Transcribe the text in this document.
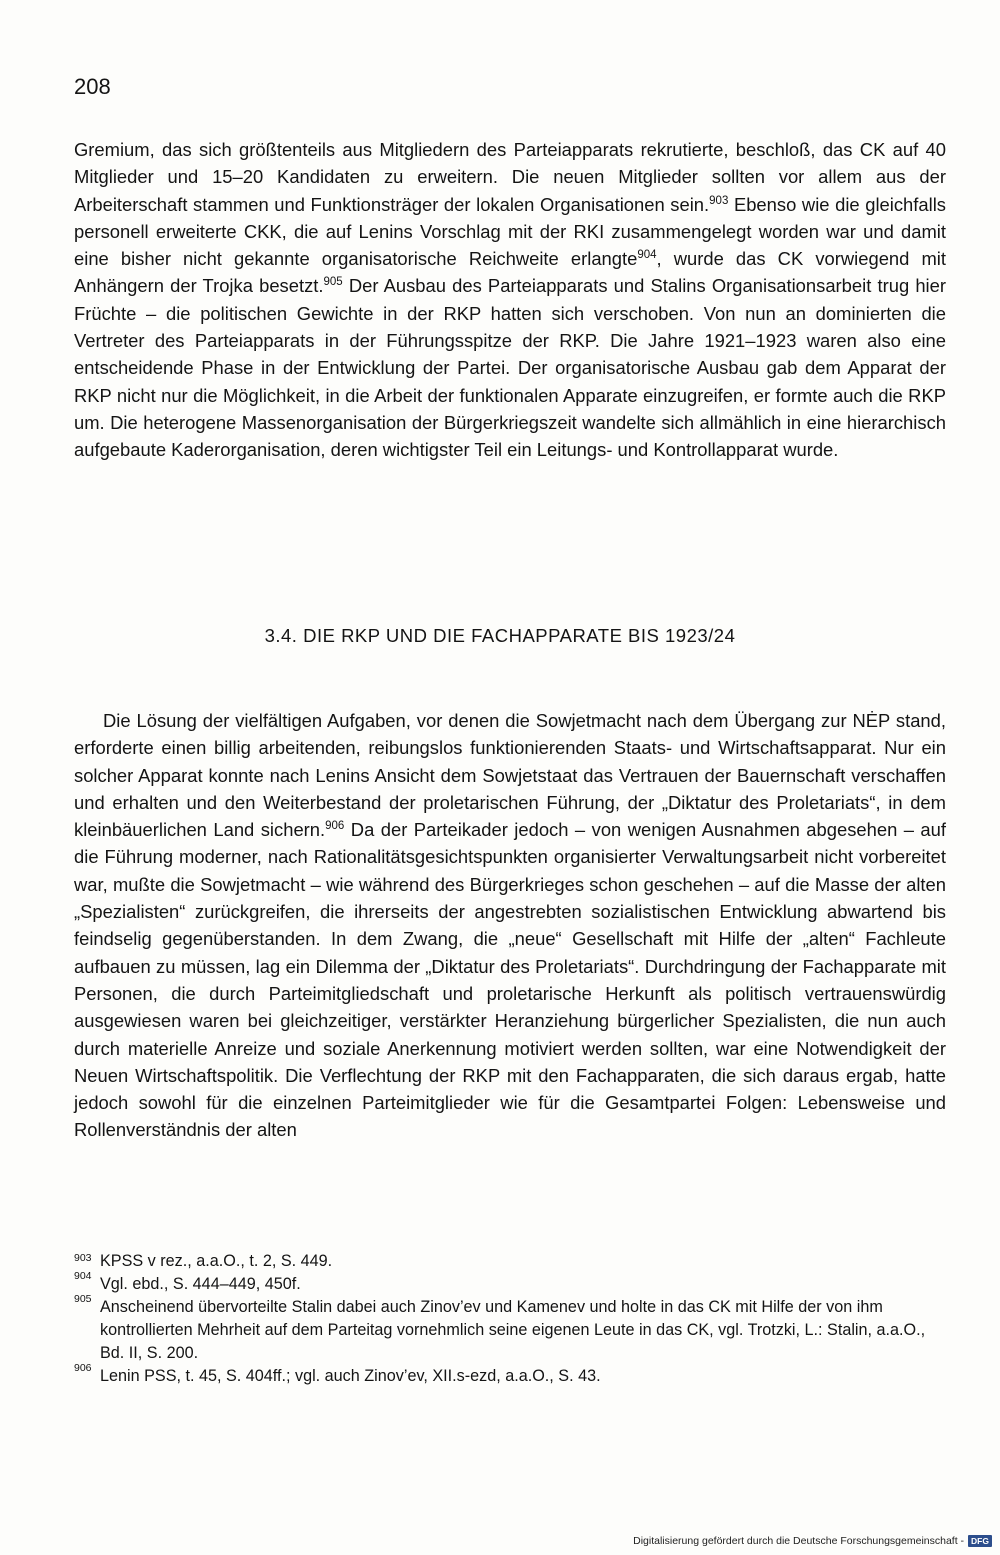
208

Gremium, das sich größtenteils aus Mitgliedern des Parteiapparats rekrutierte, beschloß, das CK auf 40 Mitglieder und 15–20 Kandidaten zu erweitern. Die neuen Mitglieder sollten vor allem aus der Arbeiterschaft stammen und Funktionsträger der lokalen Organisationen sein.$^{903}$ Ebenso wie die gleichfalls personell erweiterte CKK, die auf Lenins Vorschlag mit der RKI zusammengelegt worden war und damit eine bisher nicht gekannte organisatorische Reichweite erlangte$^{904}$, wurde das CK vorwiegend mit Anhängern der Trojka besetzt.$^{905}$ Der Ausbau des Parteiapparats und Stalins Organisationsarbeit trug hier Früchte – die politischen Gewichte in der RKP hatten sich verschoben. Von nun an dominierten die Vertreter des Parteiapparats in der Führungsspitze der RKP. Die Jahre 1921–1923 waren also eine entscheidende Phase in der Entwicklung der Partei. Der organisatorische Ausbau gab dem Apparat der RKP nicht nur die Möglichkeit, in die Arbeit der funktionalen Apparate einzugreifen, er formte auch die RKP um. Die heterogene Massenorganisation der Bürgerkriegszeit wandelte sich allmählich in eine hierarchisch aufgebaute Kaderorganisation, deren wichtigster Teil ein Leitungs- und Kontrollapparat wurde.

3.4. DIE RKP UND DIE FACHAPPARATE BIS 1923/24

Die Lösung der vielfältigen Aufgaben, vor denen die Sowjetmacht nach dem Übergang zur NĖP stand, erforderte einen billig arbeitenden, reibungslos funktionierenden Staats- und Wirtschaftsapparat. Nur ein solcher Apparat konnte nach Lenins Ansicht dem Sowjetstaat das Vertrauen der Bauernschaft verschaffen und erhalten und den Weiterbestand der proletarischen Führung, der „Diktatur des Proletariats“, in dem kleinbäuerlichen Land sichern.$^{906}$ Da der Parteikader jedoch – von wenigen Ausnahmen abgesehen – auf die Führung moderner, nach Rationalitätsgesichtspunkten organisierter Verwaltungsarbeit nicht vorbereitet war, mußte die Sowjetmacht – wie während des Bürgerkrieges schon geschehen – auf die Masse der alten „Spezialisten“ zurückgreifen, die ihrerseits der angestrebten sozialistischen Entwicklung abwartend bis feindselig gegenüberstanden. In dem Zwang, die „neue“ Gesellschaft mit Hilfe der „alten“ Fachleute aufbauen zu müssen, lag ein Dilemma der „Diktatur des Proletariats“. Durchdringung der Fachapparate mit Personen, die durch Parteimitgliedschaft und proletarische Herkunft als politisch vertrauenswürdig ausgewiesen waren bei gleichzeitiger, verstärkter Heranziehung bürgerlicher Spezialisten, die nun auch durch materielle Anreize und soziale Anerkennung motiviert werden sollten, war eine Notwendigkeit der Neuen Wirtschaftspolitik. Die Verflechtung der RKP mit den Fachapparaten, die sich daraus ergab, hatte jedoch sowohl für die einzelnen Parteimitglieder wie für die Gesamtpartei Folgen: Lebensweise und Rollenverständnis der alten

903 KPSS v rez., a.a.O., t. 2, S. 449.
904 Vgl. ebd., S. 444–449, 450f.
905 Anscheinend übervorteilte Stalin dabei auch Zinov’ev und Kamenev und holte in das CK mit Hilfe der von ihm kontrollierten Mehrheit auf dem Parteitag vornehmlich seine eigenen Leute in das CK, vgl. Trotzki, L.: Stalin, a.a.O., Bd. II, S. 200.
906 Lenin PSS, t. 45, S. 404ff.; vgl. auch Zinov’ev, XII.s-ezd, a.a.O., S. 43.
Digitalisierung gefördert durch die Deutsche Forschungsgemeinschaft - DFG
